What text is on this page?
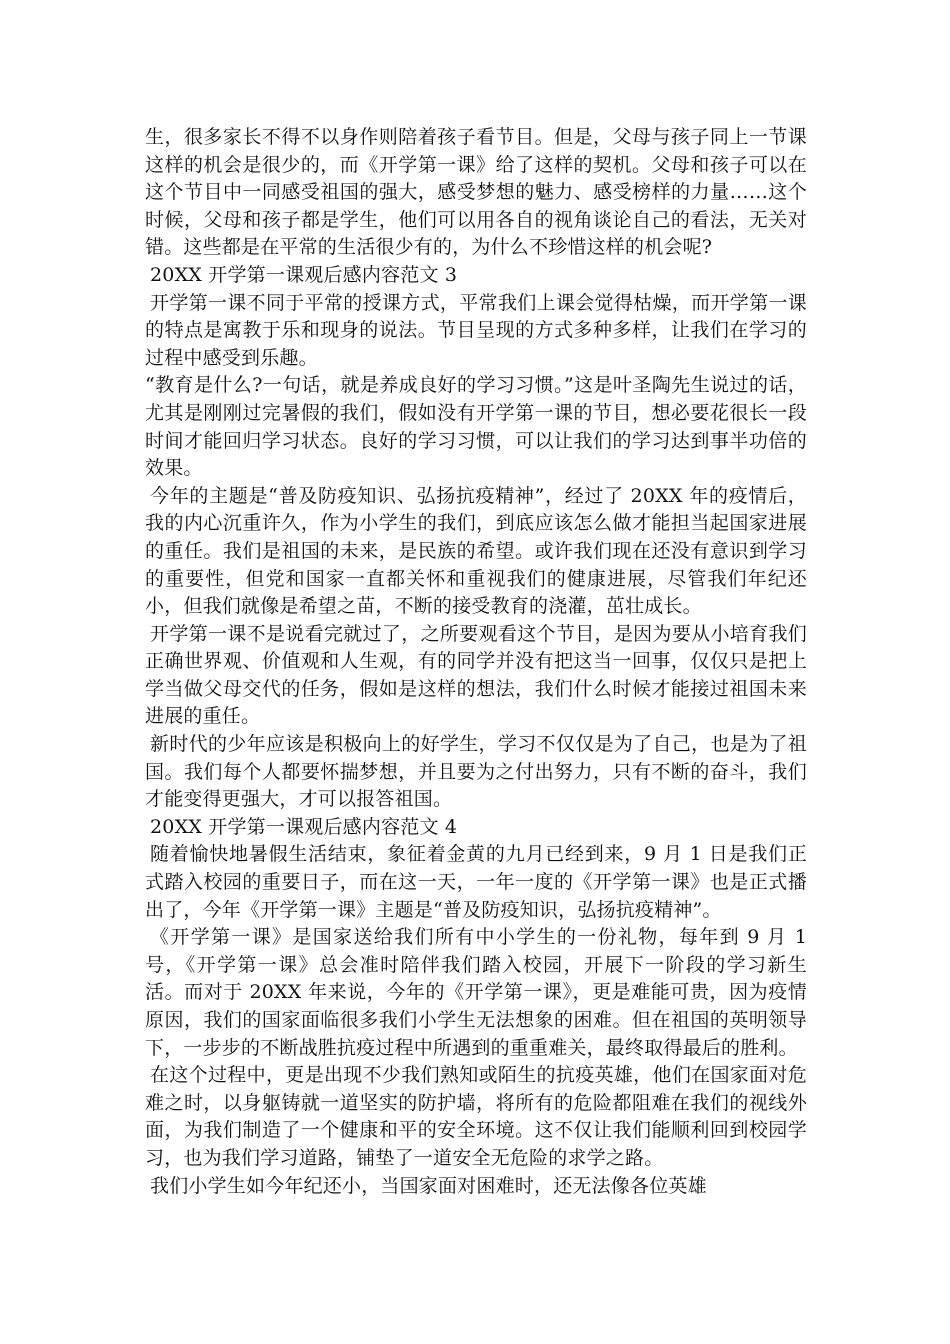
生，很多家长不得不以身作则陪着孩子看节目。但是，父母与孩子同上一节课这样的机会是很少的，而《开学第一课》给了这样的契机。父母和孩子可以在这个节目中一同感受祖国的强大，感受梦想的魅力、感受榜样的力量……这个时候，父母和孩子都是学生，他们可以用各自的视角谈论自己的看法，无关对错。这些都是在平常的生活很少有的，为什么不珍惜这样的机会呢?

20XX 开学第一课观后感内容范文 3

开学第一课不同于平常的授课方式，平常我们上课会觉得枯燥，而开学第一课的特点是寓教于乐和现身的说法。节目呈现的方式多种多样，让我们在学习的过程中感受到乐趣。

“教育是什么?一句话，就是养成良好的学习习惯。”这是叶圣陶先生说过的话，尤其是刚刚过完暑假的我们，假如没有开学第一课的节目，想必要花很长一段时间才能回归学习状态。良好的学习习惯，可以让我们的学习达到事半功倍的效果。

今年的主题是“普及防疫知识、弘扬抗疫精神”，经过了 20XX 年的疫情后，我的内心沉重许久，作为小学生的我们，到底应该怎么做才能担当起国家进展的重任。我们是祖国的未来，是民族的希望。或许我们现在还没有意识到学习的重要性，但党和国家一直都关怀和重视我们的健康进展，尽管我们年纪还小，但我们就像是希望之苗，不断的接受教育的浇灌，茁壮成长。

开学第一课不是说看完就过了，之所要观看这个节目，是因为要从小培育我们正确世界观、价值观和人生观，有的同学并没有把这当一回事，仅仅只是把上学当做父母交代的任务，假如是这样的想法，我们什么时候才能接过祖国未来进展的重任。

新时代的少年应该是积极向上的好学生，学习不仅仅是为了自己，也是为了祖国。我们每个人都要怀揣梦想，并且要为之付出努力，只有不断的奋斗，我们才能变得更强大，才可以报答祖国。

20XX 开学第一课观后感内容范文 4

随着愉快地暑假生活结束，象征着金黄的九月已经到来，9 月 1 日是我们正式踏入校园的重要日子，而在这一天，一年一度的《开学第一课》也是正式播出了，今年《开学第一课》主题是“普及防疫知识，弘扬抗疫精神”。

《开学第一课》是国家送给我们所有中小学生的一份礼物，每年到 9 月 1 号，《开学第一课》总会准时陪伴我们踏入校园，开展下一阶段的学习新生活。而对于 20XX 年来说，今年的《开学第一课》，更是难能可贵，因为疫情原因，我们的国家面临很多我们小学生无法想象的困难。但在祖国的英明领导下，一步步的不断战胜抗疫过程中所遇到的重重难关，最终取得最后的胜利。

在这个过程中，更是出现不少我们熟知或陌生的抗疫英雄，他们在国家面对危难之时，以身躯铸就一道坚实的防护墙，将所有的危险都阻难在我们的视线外面，为我们制造了一个健康和平的安全环境。这不仅让我们能顺利回到校园学习，也为我们学习道路，铺垫了一道安全无危险的求学之路。

我们小学生如今年纪还小，当国家面对困难时，还无法像各位英雄
